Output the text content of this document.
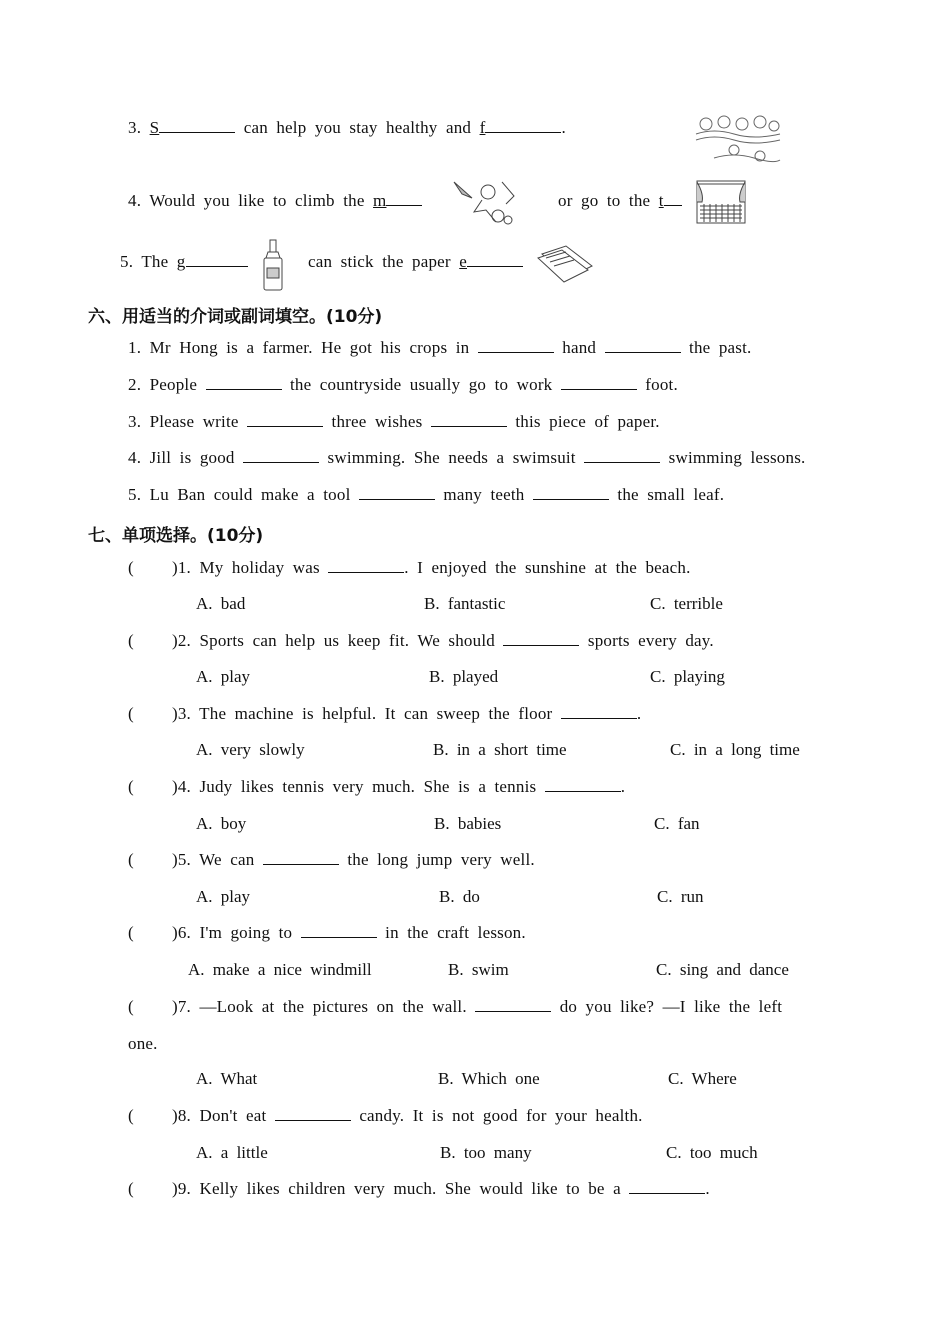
3. S	can help you stay healthy and f	.
4. Would you like to climb the m	or go to the t
5. The g	can stick the paper e
六、用适当的介词或副词填空。(10分)
1. Mr Hong is a farmer. He got his crops in	hand	the past.
2. People	the countryside usually go to work	foot.
3. Please write	three wishes	this piece of paper.
4. Jill is good	swimming. She needs a swimsuit	swimming lessons.
5. Lu Ban could make a tool	many teeth	the small leaf.
七、单项选择。(10分)
( )1. My holiday was	. I enjoyed the sunshine at the beach.
A. bad	B. fantastic	C. terrible
( )2. Sports can help us keep fit. We should	sports every day.
A. play	B. played	C. playing
( )3. The machine is helpful. It can sweep the floor	.
A. very slowly	B. in a short time	C. in a long time
( )4. Judy likes tennis very much. She is a tennis	.
A. boy	B. babies	C. fan
( )5. We can	the long jump very well.
A. play	B. do	C. run
( )6. I'm going to	in the craft lesson.
A. make a nice windmill	B. swim	C. sing and dance
( )7. —Look at the pictures on the wall.	do you like? —I like the left
one.
A. What	B. Which one	C. Where
( )8. Don't eat	candy. It is not good for your health.
A. a little	B. too many	C. too much
( )9. Kelly likes children very much. She would like to be a	.
